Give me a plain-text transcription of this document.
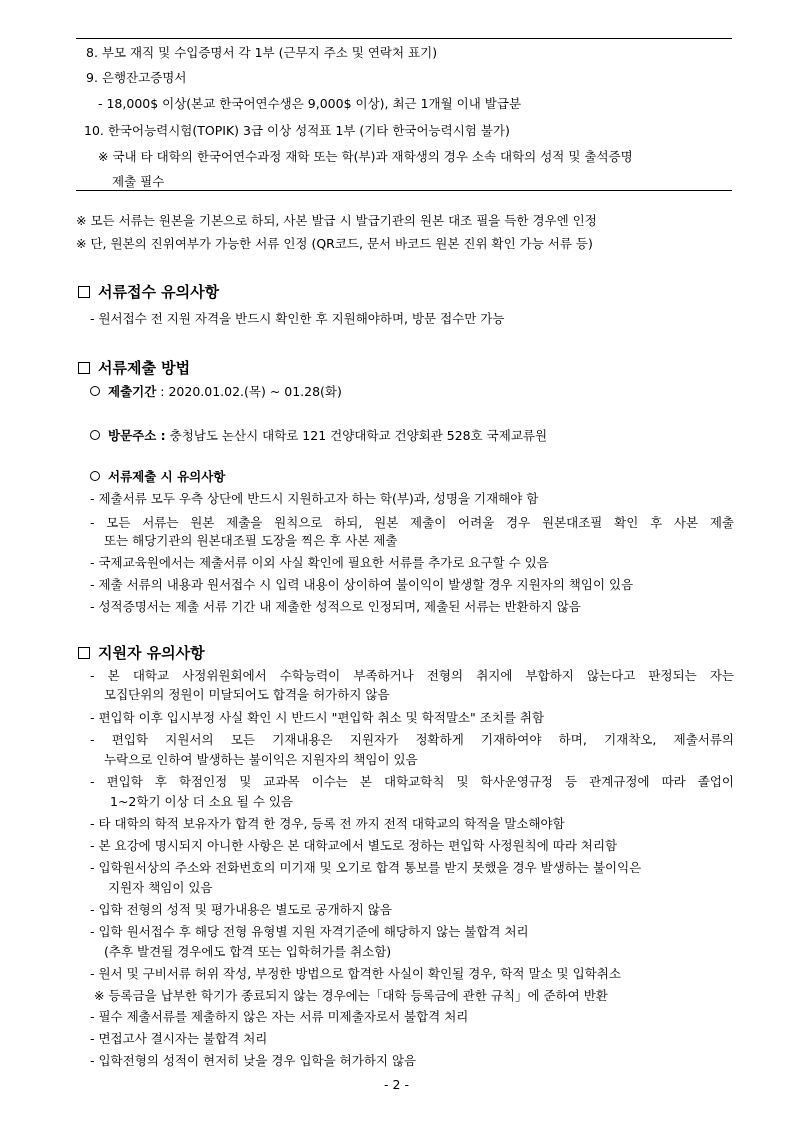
8. 부모 재직 및 수입증명서 각 1부 (근무지 주소 및 연락처 표기)
9. 은행잔고증명서
- 18,000$ 이상(본교 한국어연수생은 9,000$ 이상), 최근 1개월 이내 발급분
10. 한국어능력시험(TOPIK) 3급 이상 성적표 1부 (기타 한국어능력시험 불가)
※ 국내 타 대학의 한국어연수과정 재학 또는 학(부)과 재학생의 경우 소속 대학의 성적 및 출석증명
제출 필수
※ 모든 서류는 원본을 기본으로 하되, 사본 발급 시 발급기관의 원본 대조 필을 득한 경우엔 인정
※ 단, 원본의 진위여부가 가능한 서류 인정 (QR코드, 문서 바코드 원본 진위 확인 가능 서류 등)
서류접수 유의사항
- 원서접수 전 지원 자격을 반드시 확인한 후 지원해야하며, 방문 접수만 가능
서류제출 방법
제출기간 : 2020.01.02.(목) ~ 01.28(화)
방문주소 : 충청남도 논산시 대학로 121 건양대학교 건양회관 528호 국제교류원
서류제출 시 유의사항
- 제출서류 모두 우측 상단에 반드시 지원하고자 하는 학(부)과, 성명을 기재해야 함
- 모든 서류는 원본 제출을 원칙으로 하되, 원본 제출이 어려울 경우 원본대조필 확인 후 사본 제출
또는 해당기관의 원본대조필 도장을 찍은 후 사본 제출
- 국제교육원에서는 제출서류 이외 사실 확인에 필요한 서류를 추가로 요구할 수 있음
- 제출 서류의 내용과 원서접수 시 입력 내용이 상이하여 불이익이 발생할 경우 지원자의 책임이 있음
- 성적증명서는 제출 서류 기간 내 제출한 성적으로 인정되며, 제출된 서류는 반환하지 않음
지원자 유의사항
- 본 대학교 사정위원회에서 수학능력이 부족하거나 전형의 취지에 부합하지 않는다고 판정되는 자는
모집단위의 정원이 미달되어도 합격을 허가하지 않음
- 편입학 이후 입시부정 사실 확인 시 반드시 "편입학 취소 및 학적말소" 조치를 취함
- 편입학 지원서의 모든 기재내용은 지원자가 정확하게 기재하여야 하며, 기재착오, 제출서류의
누락으로 인하여 발생하는 불이익은 지원자의 책임이 있음
- 편입학 후 학점인정 및 교과목 이수는 본 대학교학칙 및 학사운영규정 등 관계규정에 따라 졸업이
1~2학기 이상 더 소요 될 수 있음
- 타 대학의 학적 보유자가 합격 한 경우, 등록 전 까지 전적 대학교의 학적을 말소해야함
- 본 요강에 명시되지 아니한 사항은 본 대학교에서 별도로 정하는 편입학 사정원칙에 따라 처리함
- 입학원서상의 주소와 전화번호의 미기재 및 오기로 합격 통보를 받지 못했을 경우 발생하는 불이익은
지원자 책임이 있음
- 입학 전형의 성적 및 평가내용은 별도로 공개하지 않음
- 입학 원서접수 후 해당 전형 유형별 지원 자격기준에 해당하지 않는 불합격 처리
(추후 발견될 경우에도 합격 또는 입학허가를 취소함)
- 원서 및 구비서류 허위 작성, 부정한 방법으로 합격한 사실이 확인될 경우, 학적 말소 및 입학취소
※ 등록금을 납부한 학기가 종료되지 않는 경우에는「대학 등록금에 관한 규칙」에 준하여 반환
- 필수 제출서류를 제출하지 않은 자는 서류 미제출자로서 불합격 처리
- 면접고사 결시자는 불합격 처리
- 입학전형의 성적이 현저히 낮을 경우 입학을 허가하지 않음
- 2 -
